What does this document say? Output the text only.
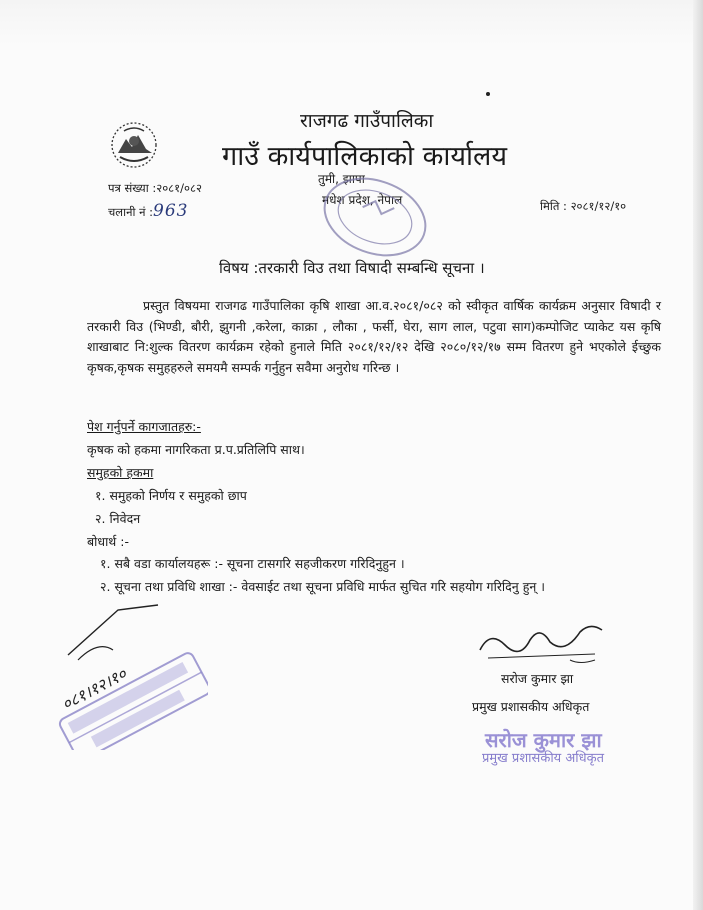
राजगढ गाउँपालिका
गाउँ कार्यपालिकाको कार्यालय
तुमी, झापा
मधेश प्रदेश, नेपाल
पत्र संख्या :२०८१/०८२
चलानी नं :963	मिति : २०८१/१२/१०
विषय :तरकारी विउ तथा विषादी सम्बन्धि सूचना ।
प्रस्तुत विषयमा राजगढ गाउँपालिका कृषि शाखा आ.व.२०८१/०८२ को स्वीकृत वार्षिक कार्यक्रम अनुसार विषादी र तरकारी विउ (भिण्डी, बौरी, झुगनी ,करेला, काक्रा , लौका , फर्सी, घेरा, साग लाल, पटुवा साग)कम्पोजिट प्याकेट यस कृषि शाखाबाट नि:शुल्क वितरण कार्यक्रम रहेको हुनाले मिति २०८१/१२/१२ देखि २०८०/१२/१७ सम्म वितरण हुने भएकोले ईच्छुक कृषक,कृषक समुहहरुले समयमै सम्पर्क गर्नुहुन सवैमा अनुरोध गरिन्छ ।
पेश गर्नुपर्ने कागजातहरु:-
कृषक को हकमा नागरिकता प्र.प.प्रतिलिपि साथ।
समुहको हकमा
१. समुहको निर्णय र समुहको छाप
२. निवेदन
बोधार्थ :-
१. सबै वडा कार्यालयहरू :- सूचना टासगरि सहजीकरण गरिदिनुहुन ।
२. सूचना तथा प्रविधि शाखा :- वेवसाईट तथा सूचना प्रविधि मार्फत सुचित गरि सहयोग गरिदिनु हुन् ।
सरोज कुमार झा
प्रमुख प्रशासकीय अधिकृत
सरोज कुमार झा
प्रमुख प्रशासकीय अधिकृत
०८१।१२।१०
